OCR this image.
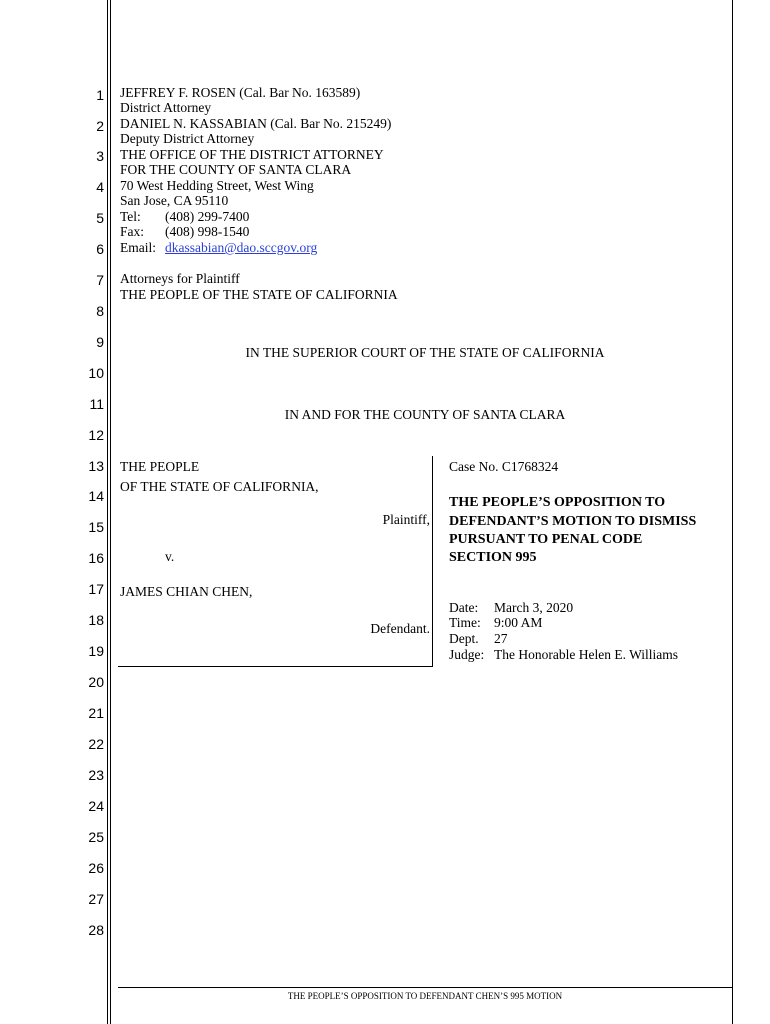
1
2
3
4
5
6
7
8
9
10
11
12
13
14
15
16
17
18
19
20
21
22
23
24
25
26
27
28
JEFFREY F. ROSEN (Cal. Bar No. 163589)
District Attorney
DANIEL N. KASSABIAN (Cal. Bar No. 215249)
Deputy District Attorney
THE OFFICE OF THE DISTRICT ATTORNEY
FOR THE COUNTY OF SANTA CLARA
70 West Hedding Street, West Wing
San Jose, CA 95110
Tel: (408) 299-7400
Fax: (408) 998-1540
Email: dkassabian@dao.sccgov.org
Attorneys for Plaintiff
THE PEOPLE OF THE STATE OF CALIFORNIA
IN THE SUPERIOR COURT OF THE STATE OF CALIFORNIA
IN AND FOR THE COUNTY OF SANTA CLARA
THE PEOPLE
OF THE STATE OF CALIFORNIA,
Plaintiff,
v.
JAMES CHIAN CHEN,
Defendant.
Case No. C1768324
THE PEOPLE’S OPPOSITION TO
DEFENDANT’S MOTION TO DISMISS
PURSUANT TO PENAL CODE
SECTION 995
Date: March 3, 2020
Time: 9:00 AM
Dept. 27
Judge: The Honorable Helen E. Williams
THE PEOPLE’S OPPOSITION TO DEFENDANT CHEN’S 995 MOTION
